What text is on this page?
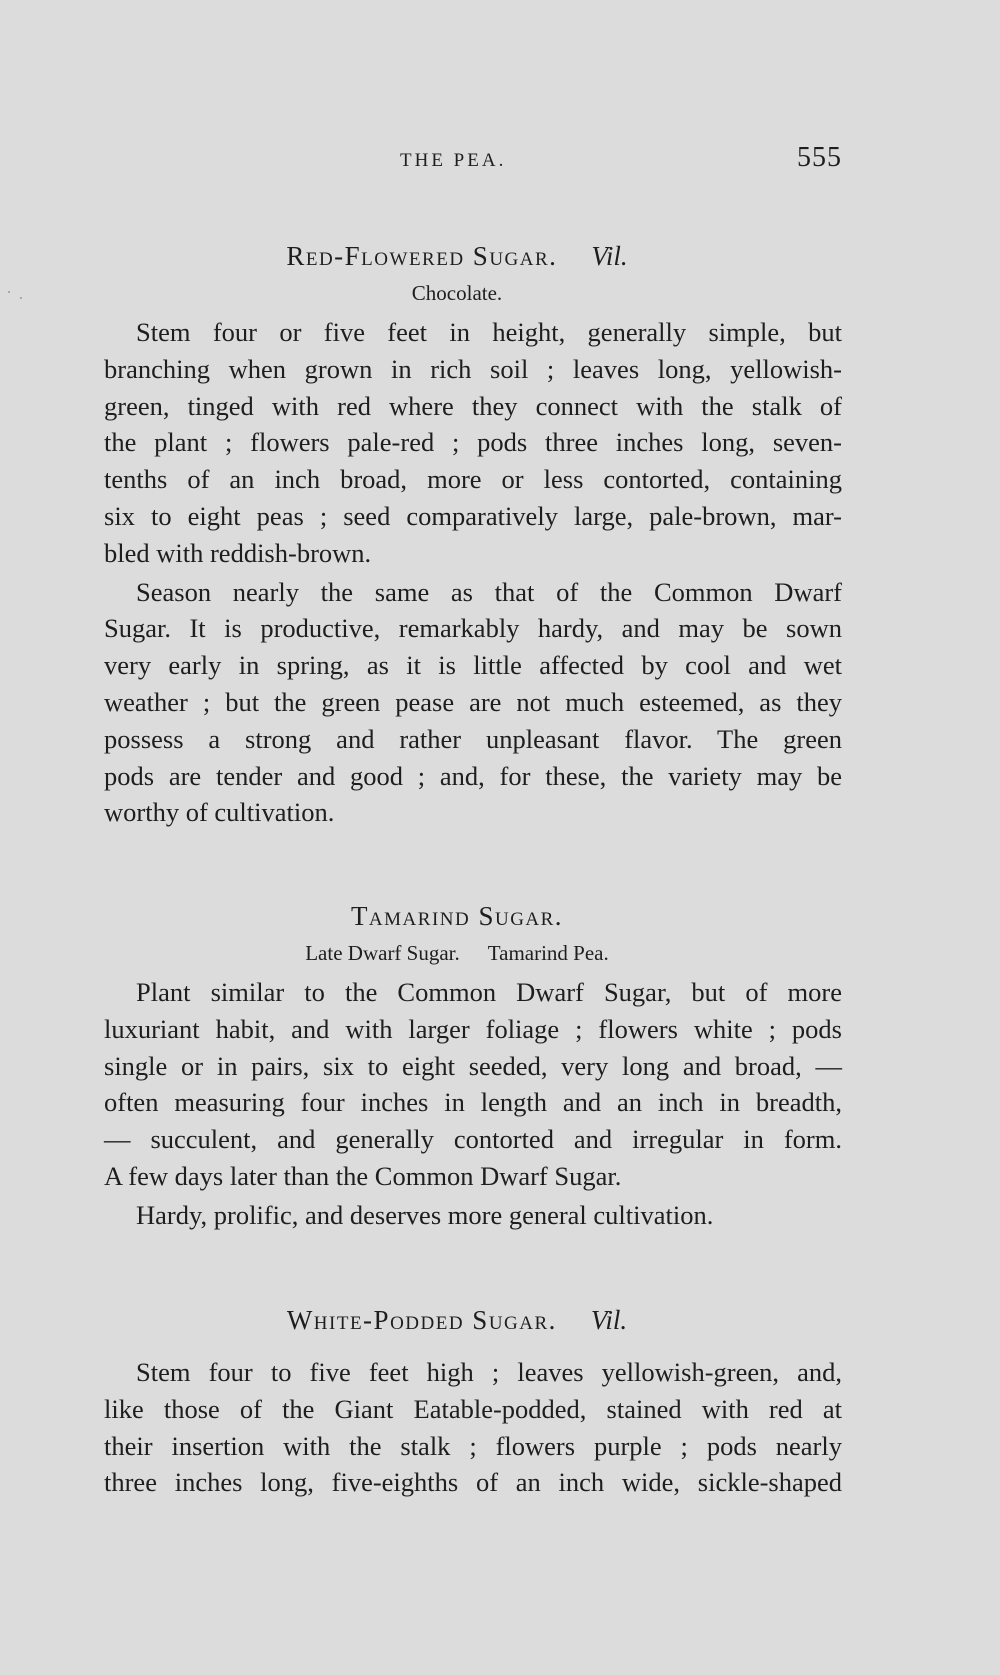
THE PEA.	555
Red-Flowered Sugar. Vil.
Chocolate.
Stem four or five feet in height, generally simple, but
branching when grown in rich soil ; leaves long, yellowish-
green, tinged with red where they connect with the stalk of
the plant ; flowers pale-red ; pods three inches long, seven-
tenths of an inch broad, more or less contorted, containing
six to eight peas ; seed comparatively large, pale-brown, mar-
bled with reddish-brown.
Season nearly the same as that of the Common Dwarf
Sugar. It is productive, remarkably hardy, and may be sown
very early in spring, as it is little affected by cool and wet
weather ; but the green pease are not much esteemed, as they
possess a strong and rather unpleasant flavor. The green
pods are tender and good ; and, for these, the variety may be
worthy of cultivation.
Tamarind Sugar.
Late Dwarf Sugar. Tamarind Pea.
Plant similar to the Common Dwarf Sugar, but of more
luxuriant habit, and with larger foliage ; flowers white ; pods
single or in pairs, six to eight seeded, very long and broad, —
often measuring four inches in length and an inch in breadth,
— succulent, and generally contorted and irregular in form.
A few days later than the Common Dwarf Sugar.
Hardy, prolific, and deserves more general cultivation.
White-Podded Sugar. Vil.
Stem four to five feet high ; leaves yellowish-green, and,
like those of the Giant Eatable-podded, stained with red at
their insertion with the stalk ; flowers purple ; pods nearly
three inches long, five-eighths of an inch wide, sickle-shaped
